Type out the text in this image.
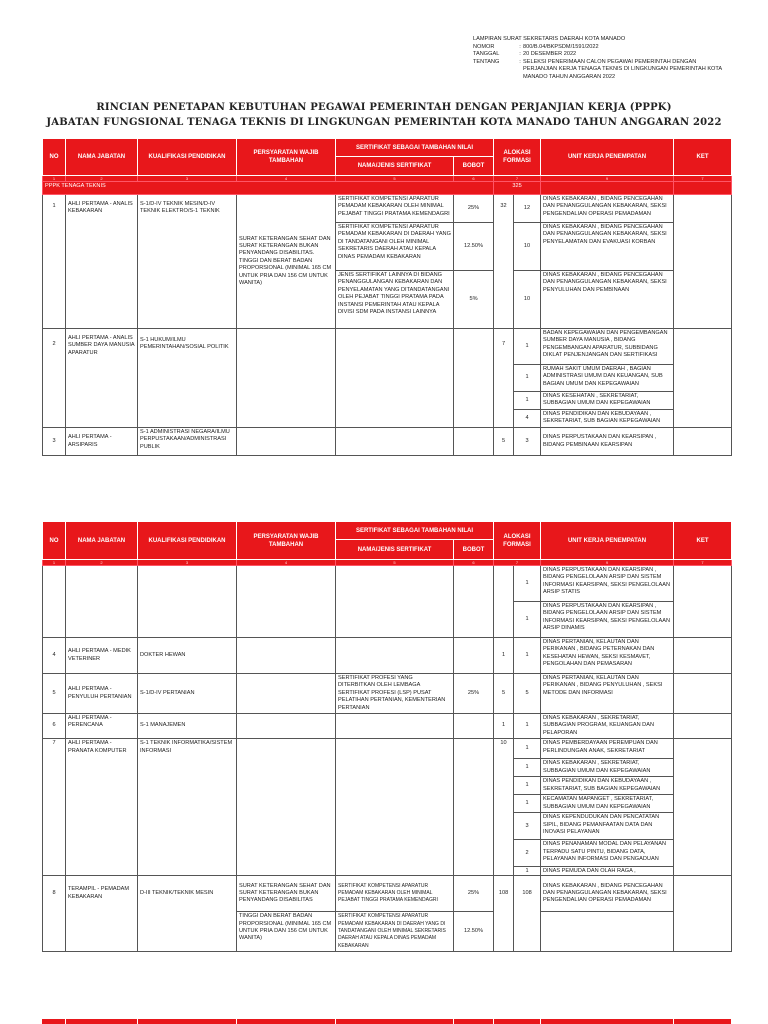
LAMPIRAN SURAT SEKRETARIS DAERAH KOTA MANADO
NOMOR	: 800/B.04/BKPSDM/1591/2022
TANGGAL	: 20 DESEMBER 2022
TENTANG	: SELEKSI PENERIMAAN CALON PEGAWAI PEMERINTAH DENGAN PERJANJIAN KERJA TENAGA TEKNIS DI LINGKUNGAN PEMERINTAH KOTA MANADO TAHUN ANGGARAN 2022
RINCIAN PENETAPAN KEBUTUHAN PEGAWAI PEMERINTAH DENGAN PERJANJIAN KERJA (PPPK)
JABATAN FUNGSIONAL TENAGA TEKNIS DI LINGKUNGAN PEMERINTAH KOTA MANADO TAHUN ANGGARAN 2022
NO	NAMA JABATAN	KUALIFIKASI PENDIDIKAN	PERSYARATAN WAJIB TAMBAHAN	SERTIFIKAT SEBAGAI TAMBAHAN NILAI		ALOKASI FORMASI		UNIT KERJA PENEMPATAN	KET
				NAMA/JENIS SERTIFIKAT	BOBOT				
1	2	3	4	5	6	7		9	7
PPPK TENAGA TEKNIS						325			
1	AHLI PERTAMA - ANALIS KEBAKARAN	S-1/D-IV TEKNIK MESIN/D-IV TEKNIK ELEKTRO/S-1 TEKNIK	SURAT KETERANGAN SEHAT DAN SURAT KETERANGAN BUKAN PENYANDANG DISABILITAS. TINGGI DAN BERAT BADAN PROPORSIONAL (MINIMAL 165 CM UNTUK PRIA DAN 156 CM UNTUK WANITA)	SERTIFIKAT KOMPETENSI APARATUR PEMADAM KEBAKARAN OLEH MINIMAL PEJABAT TINGGI PRATAMA KEMENDAGRI	25%	32	12	DINAS KEBAKARAN , BIDANG PENCEGAHAN DAN PENANGGULANGAN KEBAKARAN, SEKSI PENGENDALIAN OPERASI PEMADAMAN	
				SERTIFIKAT KOMPETENSI APARATUR PEMADAM KEBAKARAN DI DAERAH YANG DI TANDATANGANI OLEH MINIMAL SEKRETARIS DAERAH ATAU KEPALA DINAS PEMADAM KEBAKARAN	12.50%		10	DINAS KEBAKARAN , BIDANG PENCEGAHAN DAN PENANGGULANGAN KEBAKARAN, SEKSI PENYELAMATAN DAN EVAKUASI KORBAN	
				JENIS SERTIFIKAT LAINNYA DI BIDANG PENANGGULANGAN KEBAKARAN DAN PENYELAMATAN YANG DITANDATANGANI OLEH PEJABAT TINGGI PRATAMA PADA INSTANSI PEMERINTAH ATAU KEPALA DIVISI SDM PADA INSTANSI LAINNYA	5%		10	DINAS KEBAKARAN , BIDANG PENCEGAHAN DAN PENANGGULANGAN KEBAKARAN, SEKSI PENYULUHAN DAN PEMBINAAN	
2	AHLI PERTAMA - ANALIS SUMBER DAYA MANUSIA APARATUR	S-1 HUKUM/ILMU PEMERINTAHAN/SOSIAL POLITIK				7	1	BADAN KEPEGAWAIAN DAN PENGEMBANGAN SUMBER DAYA MANUSIA , BIDANG PENGEMBANGAN APARATUR, SUBBIDANG DIKLAT PENJENJANGAN DAN SERTIFIKASI	
							1	RUMAH SAKIT UMUM DAERAH , BAGIAN ADMINISTRASI UMUM DAN KEUANGAN, SUB BAGIAN UMUM DAN KEPEGAWAIAN	
							1	DINAS KESEHATAN , SEKRETARIAT, SUBBAGIAN UMUM DAN KEPEGAWAIAN	
							4	DINAS PENDIDIKAN DAN KEBUDAYAAN , SEKRETARIAT, SUB BAGIAN KEPEGAWAIAN	
3	AHLI PERTAMA - ARSIPARIS	S-1 ADMINISTRASI NEGARA/ILMU PERPUSTAKAAN/ADMINISTRASI PUBLIK				5	3	DINAS PERPUSTAKAAN DAN KEARSIPAN , BIDANG PEMBINAAN KEARSIPAN	
NO	NAMA JABATAN	KUALIFIKASI PENDIDIKAN	PERSYARATAN WAJIB TAMBAHAN	SERTIFIKAT SEBAGAI TAMBAHAN NILAI		ALOKASI FORMASI		UNIT KERJA PENEMPATAN	KET
				NAMA/JENIS SERTIFIKAT	BOBOT				
1	2	3	4	5	6	7		9	7
							1	DINAS PERPUSTAKAAN DAN KEARSIPAN , BIDANG PENGELOLAAN ARSIP DAN SISTEM INFORMASI KEARSIPAN, SEKSI PENGELOLAAN ARSIP STATIS	
							1	DINAS PERPUSTAKAAN DAN KEARSIPAN , BIDANG PENGELOLAAN ARSIP DAN SISTEM INFORMASI KEARSIPAN, SEKSI PENGELOLAAN ARSIP DINAMIS	
4	AHLI PERTAMA - MEDIK VETERINER	DOKTER HEWAN				1	1	DINAS PERTANIAN, KELAUTAN DAN PERIKANAN , BIDANG PETERNAKAN DAN KESEHATAN HEWAN, SEKSI KESMAVET, PENGOLAHAN DAN PEMASARAN	
5	AHLI PERTAMA - PENYULUH PERTANIAN	S-1/D-IV PERTANIAN		SERTIFIKAT PROFESI YANG DITERBITKAN OLEH LEMBAGA SERTIFIKAT PROFESI (LSP) PUSAT PELATIHAN PERTANIAN, KEMENTERIAN PERTANIAN	25%	5	5	DINAS PERTANIAN, KELAUTAN DAN PERIKANAN , BIDANG PENYULUHAN , SEKSI METODE DAN INFORMASI	
6	AHLI PERTAMA - PERENCANA	S-1 MANAJEMEN				1	1	DINAS KEBAKARAN , SEKRETARIAT, SUBBAGIAN PROGRAM, KEUANGAN DAN PELAPORAN	
7	AHLI PERTAMA - PRANATA KOMPUTER	S-1 TEKNIK INFORMATIKA/SISTEM INFORMASI				10	1	DINAS PEMBERDAYAAN PEREMPUAN DAN PERLINDUNGAN ANAK, SEKRETARIAT	
							1	DINAS KEBAKARAN , SEKRETARIAT, SUBBAGIAN UMUM DAN KEPEGAWAIAN	
							1	DINAS PENDIDIKAN DAN KEBUDAYAAN , SEKRETARIAT, SUB BAGIAN KEPEGAWAIAN	
							1	KECAMATAN MAPANGET , SEKRETARIAT, SUBBAGIAN UMUM DAN KEPEGAWAIAN	
							3	DINAS KEPENDUDUKAN DAN PENCATATAN SIPIL, BIDANG PEMANFAATAN DATA DAN INOVASI PELAYANAN	
							2	DINAS PENANAMAN MODAL DAN PELAYANAN TERPADU SATU PINTU, BIDANG DATA, PELAYANAN INFORMASI DAN PENGADUAN	
							1	DINAS PEMUDA DAN OLAH RAGA ,	
8	TERAMPIL - PEMADAM KEBAKARAN	D-III TEKNIK/TEKNIK MESIN	SURAT KETERANGAN SEHAT DAN SURAT KETERANGAN BUKAN PENYANDANG DISABILITAS	SERTIFIKAT KOMPETENSI APARATUR PEMADAM KEBAKARAN OLEH MINIMAL PEJABAT TINGGI PRATAMA KEMENDAGRI	25%	108	108	DINAS KEBAKARAN , BIDANG PENCEGAHAN DAN PENANGGULANGAN KEBAKARAN, SEKSI PENGENDALIAN OPERASI PEMADAMAN	
			TINGGI DAN BERAT BADAN PROPORSIONAL (MINIMAL 165 CM UNTUK PRIA DAN 156 CM UNTUK WANITA)	SERTIFIKAT KOMPETENSI APARATUR PEMADAM KEBAKARAN DI DAERAH YANG DI TANDATANGANI OLEH MINIMAL SEKRETARIS DAERAH ATAU KEPALA DINAS PEMADAM KEBAKARAN	12.50%				
